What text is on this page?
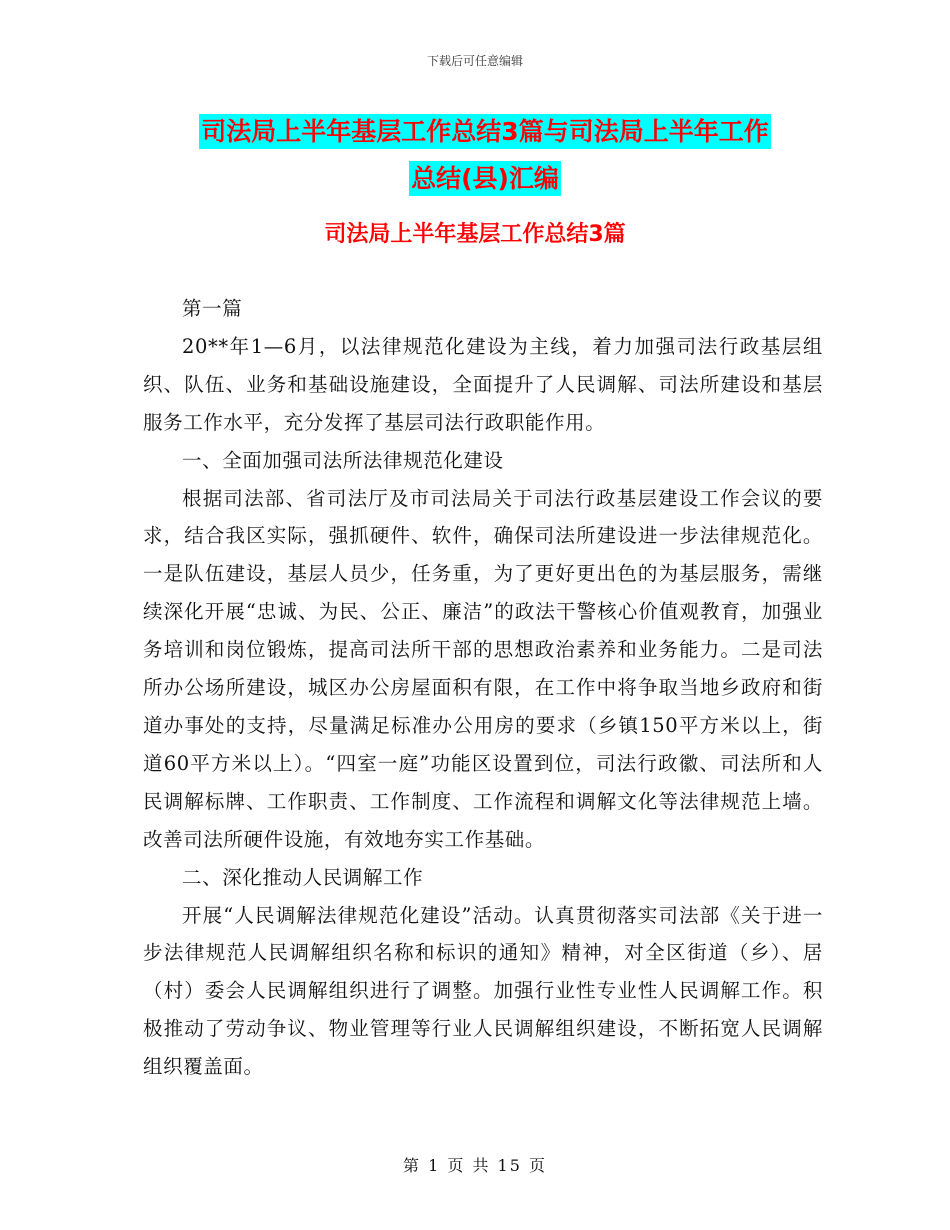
下载后可任意编辑
司法局上半年基层工作总结3篇与司法局上半年工作
总结(县)汇编
司法局上半年基层工作总结3篇

第一篇

20**年1—6月，以法律规范化建设为主线，着力加强司法行政基层组织、队伍、业务和基础设施建设，全面提升了人民调解、司法所建设和基层服务工作水平，充分发挥了基层司法行政职能作用。

一、全面加强司法所法律规范化建设

根据司法部、省司法厅及市司法局关于司法行政基层建设工作会议的要求，结合我区实际，强抓硬件、软件，确保司法所建设进一步法律规范化。一是队伍建设，基层人员少，任务重，为了更好更出色的为基层服务，需继续深化开展“忠诚、为民、公正、廉洁”的政法干警核心价值观教育，加强业务培训和岗位锻炼，提高司法所干部的思想政治素养和业务能力。二是司法所办公场所建设，城区办公房屋面积有限，在工作中将争取当地乡政府和街道办事处的支持，尽量满足标准办公用房的要求（乡镇150平方米以上，街道60平方米以上）。“四室一庭”功能区设置到位，司法行政徽、司法所和人民调解标牌、工作职责、工作制度、工作流程和调解文化等法律规范上墙。改善司法所硬件设施，有效地夯实工作基础。

二、深化推动人民调解工作

开展“人民调解法律规范化建设”活动。认真贯彻落实司法部《关于进一步法律规范人民调解组织名称和标识的通知》精神，对全区街道（乡）、居（村）委会人民调解组织进行了调整。加强行业性专业性人民调解工作。积极推动了劳动争议、物业管理等行业人民调解组织建设，不断拓宽人民调解组织覆盖面。

第 1 页 共 15 页
